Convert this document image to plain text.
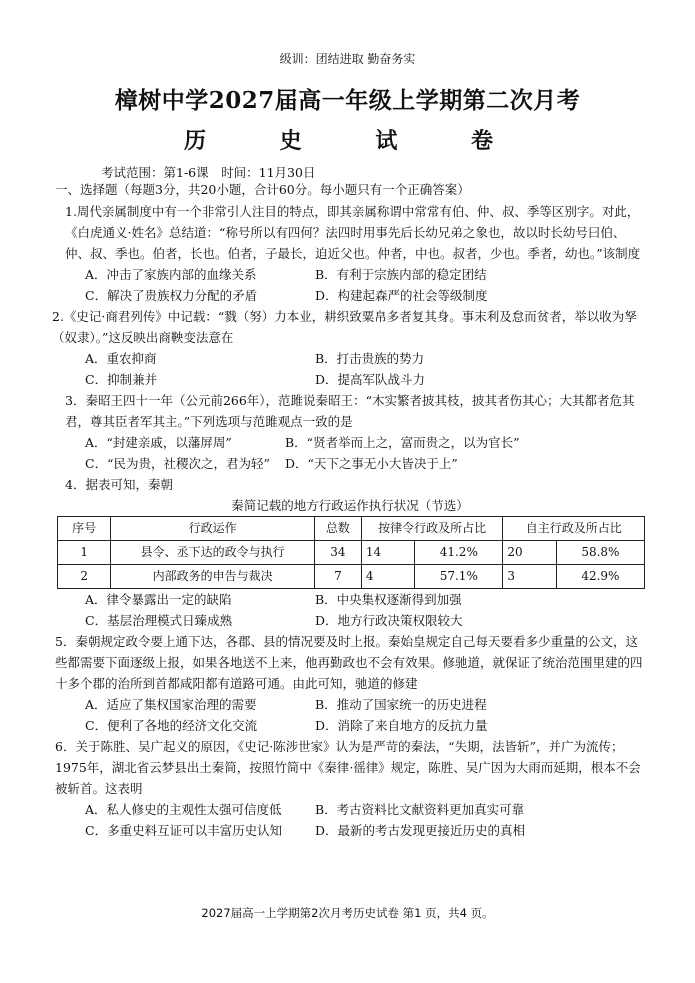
级训：团结进取 勤奋务实
樟树中学2027届高一年级上学期第二次月考
历 史 试 卷
考试范围：第1-6课　时间：11月30日
一、选择题（每题3分，共20小题，合计60分。每小题只有一个正确答案）
1.周代亲属制度中有一个非常引人注目的特点，即其亲属称谓中常常有伯、仲、叔、季等区别字。对此，《白虎通义·姓名》总结道：“称号所以有四何？法四时用事先后长幼兄弟之象也，故以时长幼号曰伯、仲、叔、季也。伯者，长也。伯者，子最长，迫近父也。仲者，中也。叔者，少也。季者，幼也。”该制度
A．冲击了家族内部的血缘关系	B．有利于宗族内部的稳定团结
C．解决了贵族权力分配的矛盾	D．构建起森严的社会等级制度
2.《史记·商君列传》中记载：“戮（努）力本业，耕织致粟帛多者复其身。事末利及怠而贫者，举以收为孥（奴隶）。”这反映出商鞅变法意在
A．重农抑商	B．打击贵族的势力
C．抑制兼并	D．提高军队战斗力
3．秦昭王四十一年（公元前266年），范雎说秦昭王：“木实繁者披其枝，披其者伤其心；大其都者危其君，尊其臣者军其主。”下列选项与范雎观点一致的是
A．“封建亲戚，以藩屏周”	B．“贤者举而上之，富而贵之，以为官长”
C．“民为贵，社稷次之，君为轻”	D．“天下之事无小大皆决于上”
4．据表可知，秦朝
秦简记载的地方行政运作执行状况（节选）
序号	行政运作	总数	按律令行政及所占比		自主行政及所占比	
1	县令、丞下达的政令与执行	34	14	41.2%	20	58.8%
2	内部政务的申告与裁决	7	4	57.1%	3	42.9%
A．律令暴露出一定的缺陷	B．中央集权逐渐得到加强
C．基层治理模式日臻成熟	D．地方行政决策权限较大
5．秦朝规定政令要上通下达，各郡、县的情况要及时上报。秦始皇规定自己每天要看多少重量的公文，这些都需要下面逐级上报，如果各地送不上来，他再勤政也不会有效果。修驰道，就保证了统治范围里建的四十多个郡的治所到首都咸阳都有道路可通。由此可知，驰道的修建
A．适应了集权国家治理的需要	B．推动了国家统一的历史进程
C．便利了各地的经济文化交流	D．消除了来自地方的反抗力量
6．关于陈胜、吴广起义的原因，《史记·陈涉世家》认为是严苛的秦法，“失期，法皆斩”，并广为流传；1975年，湖北省云梦县出土秦简，按照竹简中《秦律·徭律》规定，陈胜、吴广因为大雨而延期，根本不会被斩首。这表明
A．私人修史的主观性太强可信度低	B．考古资料比文献资料更加真实可靠
C．多重史料互证可以丰富历史认知	D．最新的考古发现更接近历史的真相
2027届高一上学期第2次月考历史试卷 第1 页，共4 页。
